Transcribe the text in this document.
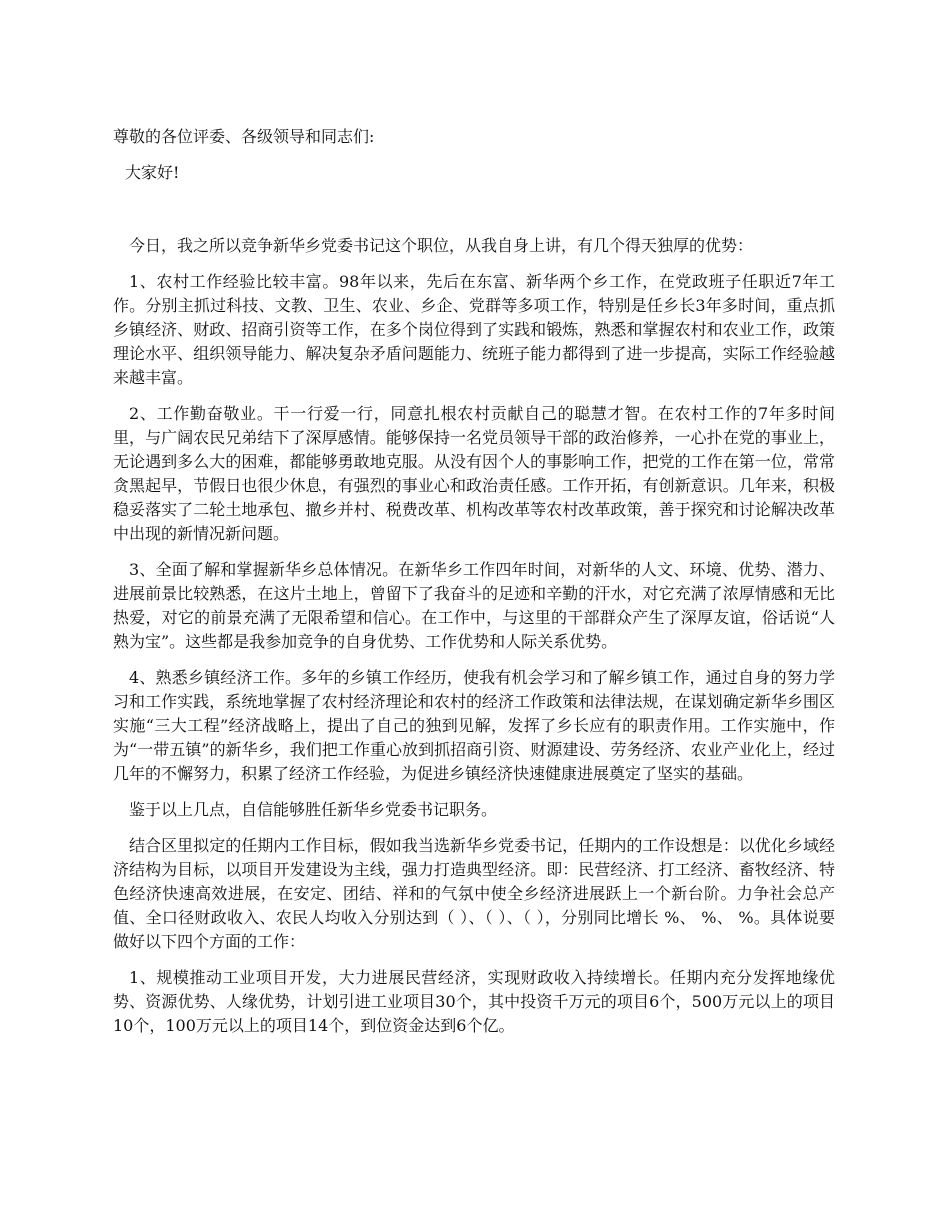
尊敬的各位评委、各级领导和同志们:

大家好!

今日，我之所以竞争新华乡党委书记这个职位，从我自身上讲，有几个得天独厚的优势：

1、农村工作经验比较丰富。98年以来，先后在东富、新华两个乡工作，在党政班子任职近7年工作。分别主抓过科技、文教、卫生、农业、乡企、党群等多项工作，特别是任乡长3年多时间，重点抓乡镇经济、财政、招商引资等工作，在多个岗位得到了实践和锻炼，熟悉和掌握农村和农业工作，政策理论水平、组织领导能力、解决复杂矛盾问题能力、统班子能力都得到了进一步提高，实际工作经验越来越丰富。

2、工作勤奋敬业。干一行爱一行，同意扎根农村贡献自己的聪慧才智。在农村工作的7年多时间里，与广阔农民兄弟结下了深厚感情。能够保持一名党员领导干部的政治修养，一心扑在党的事业上，无论遇到多么大的困难，都能够勇敢地克服。从没有因个人的事影响工作，把党的工作在第一位，常常贪黑起早，节假日也很少休息，有强烈的事业心和政治责任感。工作开拓，有创新意识。几年来，积极稳妥落实了二轮土地承包、撤乡并村、税费改革、机构改革等农村改革政策，善于探究和讨论解决改革中出现的新情况新问题。

3、全面了解和掌握新华乡总体情况。在新华乡工作四年时间，对新华的人文、环境、优势、潜力、进展前景比较熟悉，在这片土地上，曾留下了我奋斗的足迹和辛勤的汗水，对它充满了浓厚情感和无比热爱，对它的前景充满了无限希望和信心。在工作中，与这里的干部群众产生了深厚友谊，俗话说“人熟为宝”。这些都是我参加竞争的自身优势、工作优势和人际关系优势。

4、熟悉乡镇经济工作。多年的乡镇工作经历，使我有机会学习和了解乡镇工作，通过自身的努力学习和工作实践，系统地掌握了农村经济理论和农村的经济工作政策和法律法规，在谋划确定新华乡围区实施“三大工程”经济战略上，提出了自己的独到见解，发挥了乡长应有的职责作用。工作实施中，作为“一带五镇”的新华乡，我们把工作重心放到抓招商引资、财源建设、劳务经济、农业产业化上，经过几年的不懈努力，积累了经济工作经验，为促进乡镇经济快速健康进展奠定了坚实的基础。

鉴于以上几点，自信能够胜任新华乡党委书记职务。

结合区里拟定的任期内工作目标，假如我当选新华乡党委书记，任期内的工作设想是：以优化乡域经济结构为目标，以项目开发建设为主线，强力打造典型经济。即：民营经济、打工经济、畜牧经济、特色经济快速高效进展，在安定、团结、祥和的气氛中使全乡经济进展跃上一个新台阶。力争社会总产值、全口径财政收入、农民人均收入分别达到（ ）、（ ）、（ ），分别同比增长 %、 %、 %。具体说要做好以下四个方面的工作：

1、规模推动工业项目开发，大力进展民营经济，实现财政收入持续增长。任期内充分发挥地缘优势、资源优势、人缘优势，计划引进工业项目30个，其中投资千万元的项目6个，500万元以上的项目10个，100万元以上的项目14个，到位资金达到6个亿。
